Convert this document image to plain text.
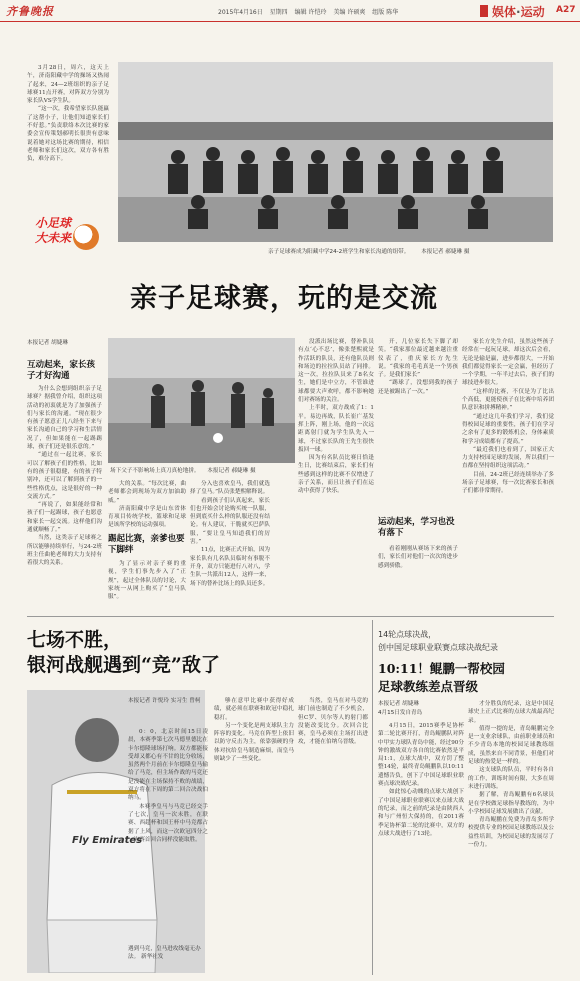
齐鲁晚报	2015年4月16日 星期四 编辑 许恺玲 美编 许硕爽 组版 陈华	娱体·运动 A27

3月28日，周六，这天上午，济南阳藏中学的操场又热闹了起来，24—2班组织的亲子足球赛11点开赛，对阵双方分别为家长队VS学生队。

“这一次，我希望家长队能赢了这帮小子，让他们知道家长们不好惹。”负责联络本次比赛的家委会宣传策划郝明长很贵有意味说着她对这场比赛的期待，相信老师和家长们这次，双方各有胜负，难分高下。

小足球大未来
亲子足球赛成为阳藏中学24-2班学生和家长沟通的组带。 本报记者 郝婕琳 摄
亲子足球赛，玩的是交流
本报记者 胡婕琳
互动起来，家长孩子才好沟通

为什么会想到组织亲子足球赛？据我曾介绍，组织这项活动的初衷就是为了加强孩子们与家长的沟通。“现在很少有孩子愿意正儿八经坐下来与家长沟通自己的学习和生活情况了，但如果能在一起踢踢球，孩子们还是很乐意的。”

“通过在一起比赛，家长可以了解孩子们的性格，比如有的孩子很稳健，有的孩子特别冲，还可以了解到孩子的一些性格优点，这是很好的一种交流方式。”

“再说了，如果能经常和孩子们一起踢球，孩子也愿意和家长一起交流。这样他们沟通就顺畅了。”

当然，这类亲子足球赛之所以能够持续举行，与24-2班班主任曲艳老师的大力支持有着很大的关系。

场下父子不影响场上真刀真枪地拼。 本报记者 郝婕琳 摄

大的关系。“每次比赛，曲老师都会到现场为双方加油助威。”

济南阳藏中学是山东省体育项目传统学校，篮球和足球是该所学校的运动强项。

踢起比赛，亲爹也要下脚绊

为了显示对亲子赛的重视，学生们事先步入了“正规”，起过全体队员的讨论，大家统一从网上购买了“皇马队服”。

分入也喜欢皇马，我们就选择了皇马。”队员张楚熙解释说。

看到孩子们认真起来，家长们也开始会讨论购买统一队服，但到底买什么样的队服还没有结论。有人建议，干脆就买巴萨队服，“要让皇马知道我们的厉害。”

11点，比赛正式开始，因为家长队有几名队员临时有事脱不开身，双方只能进行八对八，学生队一共派出12人，这样一来，场下的替补比场上的队员还多。

没派出场比赛，替补队员有点‘心不忍’，像张楚熙就是作活跃的队员，还有他队员则和场边的拉拉队员站了同排。这一次，拉拉队员来了8名女生，她们是中立方，不管谁进球都要大声欢呼，都不影响她们对赛场的关注。

上半时，双方战成了1：1平。易边再战，队长崔广基发挥上阵，刚上场，他的一次远距离射门就为学生队先入一球，不过家长队的王先生很快扳回一球。

因为有名队员比赛日恰逢生日，比赛结束后，家长们有些感到这样的比赛不仅增进了亲子关系，而且让孩子们在运动中获得了快乐。

开，几位家长失下脚了却笑。“我家那位最近越来越注重仪表了，重庆家长方先生说。“我家的毛毛真是一个男孩子。是我们家长”

“踢球了，没想到我的孩子还是被踢出了一次。”

运动起来，学习也没有落下

看着刚刚从赛场下来的孩子们，家长们对他们一次次的进步感到骄傲。

家长方先生介绍，虽然这些孩子经常在一起玩足球，却这次后会看，无论是输是赢，进步都很大，一开始我们都觉得家长一定会赢，但经历了一个学期，一年半过去后，孩子们的球技进步很大。

“这样的比赛，不仅是为了比出个高低，更能使孩子在比赛中培养团队意识和拼搏精神。”

“通过这几年我们学习，我们觉得校园足球的重要性，孩子们在学习之余有了更多的锻炼机会，身体素质和学习成绩都有了提高。”

“最近我们也看到了，国家正大力支持校园足球的发展，所以我们一直都在坚持组织这项活动。”

目前，24-2班已经连续举办了多场亲子足球赛，每一次比赛家长和孩子们都非常期待。

七场不胜，
银河战舰遇到“竞”敌了
Fly Emirates
本报记者 许悦玲 实习生 曾柯

0：0，北京时间15日凌晨，本赛季第七次马德里德比在卡尔德隆球场打响。双方都能接受却又都心有不甘的比分收场，虽然两个月前在卡尔德隆皇马输给了马竞，但主场作战的马竞还是没能在主场保持不败的战绩，双方将在下周的第二回合决战伯纳乌。

本赛季皇马与马竞已经交手了七次，皇马一次未胜，在联赛、西超杯和国王杯中马竞都占据了上风，而这一次欧冠四分之一决赛首回合同样没能取胜。

遇到马竞，皇马进攻线毫无办法。 新华社发

够在意甲比赛中获得好成绩，就必须在联赛和欧冠中稳扎稳打。

另一个变化是两支球队主力阵容的变化。马竞在阵型上依旧以防守反击为主，依靠强硬的身体对抗给皇马制造麻烦，而皇马则缺少了一些变化。

当然，皇马在对马竞的球门前也制造了不少机会，但C罗、贝尔等人的射门都没能改变比分。次回合比赛，皇马必须在主场打出进攻，才能在伯纳乌晋级。

14轮点球决战，
创中国足球职业联赛点球决战纪录
10:11！鲲鹏一帮校园
足球教练差点晋级
本报记者 胡婕琳
4月15日发自青岛

4月15日，2015赛季足协杯第二轮比赛开打，青岛鲲鹏队对阵中甲实力球队青岛中能，经过90分钟的激战双方各自的比赛依然是平局1:1，点球大战中，双方罚了整整14轮，最终青岛鲲鹏队以10:11遗憾告负，创下了中国足球职业联赛点球决战纪录。

如此惊心动魄的点球大战创下了中国足球职业联赛以来点球大战的纪录，而之前的纪录是由陕西人和与广州恒大保持的，在2011赛季足协杯第二轮的比赛中，双方的点球大战进行了13轮。

才分胜负的纪录，这是中国足球史上正式比赛的点球大战最高纪录。

值得一提的是，青岛鲲鹏完全是一支业余球队，由前职业球员和不少青岛本地的校园足球教练组成，虽然来自不同背景，但他们对足球的热爱是一样的。

这支球队的队员，平时有各自的工作，训练时间有限，大多在周末进行训练。

据了解，青岛鲲鹏有6名球员是在学校做足球指导教练的，为中小学校园足球发展做出了贡献。

青岛鲲鹏在免费为青岛多所学校提供专业的校园足球教练以及公益性培训，为校园足球的发展尽了一份力。
